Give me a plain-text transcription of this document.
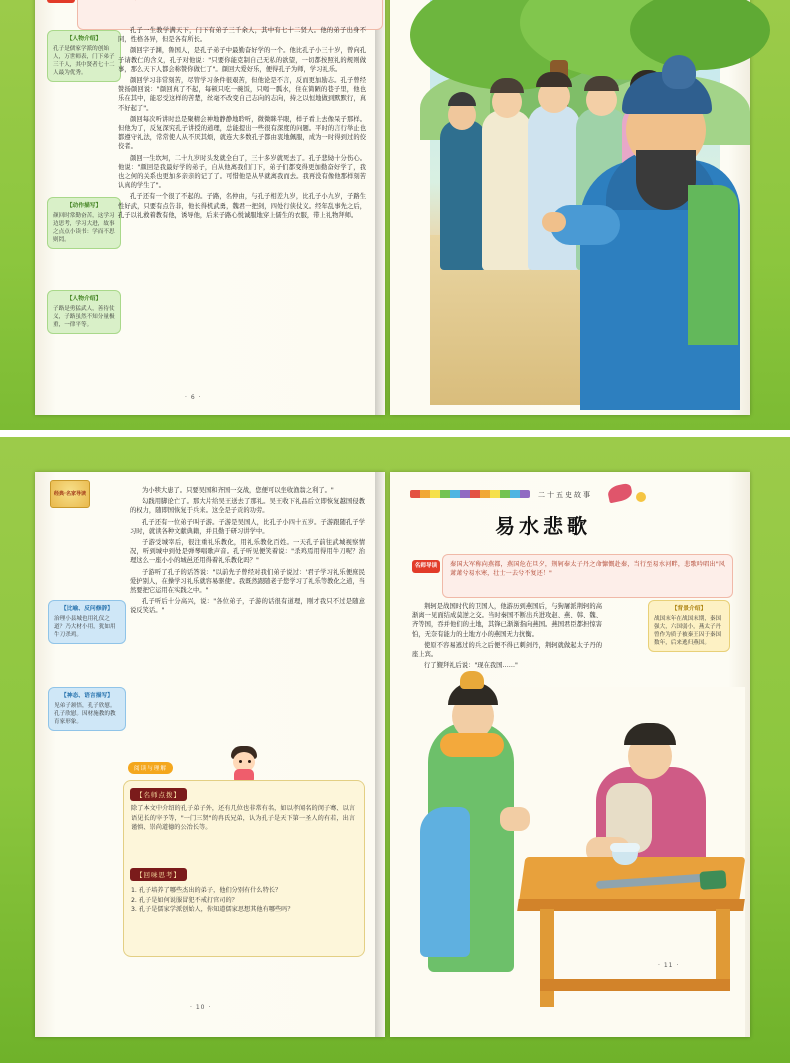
【人物介绍】
孔子是儒家学派的创始人，万世师表，门下弟子三千人，其中贤者七十二人最为优秀。
【动作描写】
颜回时常勤奋苦，这学习边思考，学习大进，故事之点点小读书：学而不思则罔。
【人物介绍】
子路是勇猛武人，善待仗义，子路虽然不知分量极重，一律平等。

孔子一生教学满天下，门下有弟子三千余人，其中有七十二贤人。他的弟子出身不同，性格各异，但是各有所长。

颜回字子渊，鲁国人，是孔子弟子中最勤奋好学的一个。他比孔子小三十岁，曾向孔子请教仁的含义，孔子对他说："只要你能克制自己无私的欲望，一切都按照礼的规则做事，那么天下人都会称赞你做仁了"。颜回大爱好乐，便得孔子为师，学习礼乐。

颜回学习非常刻苦，尽管学习条件很艰苦，但他论是不言，反而更加励志。孔子曾经赞扬颜回说："颜回真了不起，每顿只吃一碗饭，只喝一瓢水，住在简陋的巷子里，他也乐在其中，能忍受这样的苦楚，丝毫不改变自己志向的志向，持之以恒地做到默默行，真不好起了"。

颜回每次听讲时总是聚精会神地静静地聆听，微微眯半眼，样子看上去像呆子那样。但他为了，反复深究孔子讲授的道理，总能提出一些很有深度的问题。平时的言行举止也都遵守礼法，常常使人从不厌其烦，就连大多数孔子都由衷地佩服，成为一时得到过的佼佼者。

颜回一生坎坷，二十九岁时头发就全白了，三十多岁就死去了。孔子悲恸十分伤心。他说："颜回是我最好学的弟子，自从他离我们门下，弟子们都变得更加勤奋好学了，我也之何的关系也更加多亲亲的记了了。可惜他是从早就离我而去。我再没有像他那样刻苦认真的学生了"。

孔子还有一个很了不起的。子路，名仲由，与孔子相差九岁，比孔子小九岁，子路生性好武，只要有点告非，他长得机武勇，魏君一把剑，四处行侠仗义。经年乱事先之后，孔子以礼救着教有他，诱导他，后来子路心悦诚服地穿上儒生的衣服，带上礼物拜师。

· 6 ·
经典·名家导读	为小犊大患了。只要吴国和齐国一交战，您便可以坐收渔翁之利了。"

勾践用脚论亡了。那大片给吴王送去了那礼。吴王收下礼品后立即恢复越国侵教的权力，随即国恢复于兵来。这全是子贡的功劳。

孔子还有一位弟子叫子游。子游是吴国人，比孔子小四十五岁。子游跟随孔子学习时，就读各种文献典籍，并且勤于研习讲学中。

子游受城宰后，很注重礼乐教化，用礼乐教化百姓。一天孔子前往武城视察情况，听到城中到处是弹琴唱歌声音。孔子听见便笑着说："杀鸡焉用得用牛刀呢？治理这么一座小小的城邑还用得着礼乐教化吗？"

子游听了孔子的话答说："以前先子曾经对我们弟子说过：'君子学习礼乐便庶民爱护别人，在操学习礼乐就容易驱使'。我既然跟随老子您学习了礼乐等教化之道，当然要把它运用在实践之中。"

孔子听后十分高兴，说："各位弟子，子游的话很有道理，刚才我只不过是随意说反笑话。"

【比喻、反问修辞】
治理小县城也用礼仪之道？乃大材小用，犹如用牛刀杀鸡。
【神态、语言描写】
见弟子颔悟，孔子欣慰。孔子欣慰。因材施教的教育家形象。
阅读与理解
【名师点拨】
除了本文中介绍的孔子弟子外，还有几位也非常有名，如以孝闻名的闵子骞、以言语见长的宰予等，"一门三贤"的冉氏兄弟，认为孔子是天下第一圣人的有若，出言谨慎、崇尚道德的公冶长等。
【回味思考】
1. 孔子培养了哪些杰出的弟子，他们分别有什么特长？
2. 孔子是如何说服冒犯不戒打官司的？
3. 孔子是儒家学派创始人，你知道儒家思想其他有哪些吗？
· 10 ·
二十五史故事
易水悲歌
名师导读	秦国大军称向燕都，燕国危在旦夕，荆轲奉太子丹之命慷慨赴秦，当行至易水河畔，悲歌吟唱出"风萧萧兮易水寒，壮士一去兮不复还！"

荆轲是战国时代的卫国人，他游历到燕国后，与狗屠派荆轲的高渐离一见面结成莫逆之交。当时秦国不断出兵进攻赵、燕、韩、魏、齐等国，吞并他们的土地，其锋已渐渐指向燕国。燕国君臣都担惊害怕，无奈有能力的土地方小的燕国无力抗衡。

使原不容易逃过的兵之后便不得已刺剑丹，荆轲就做起太子丹的座上宾。

行了觐拜礼后说："现在我国……"

【背景介绍】
战国末年在战国末期，秦国强大，六国弱小，燕太子丹曾作为质子被秦王囚于秦国数年，后来逃归燕国。
· 11 ·
